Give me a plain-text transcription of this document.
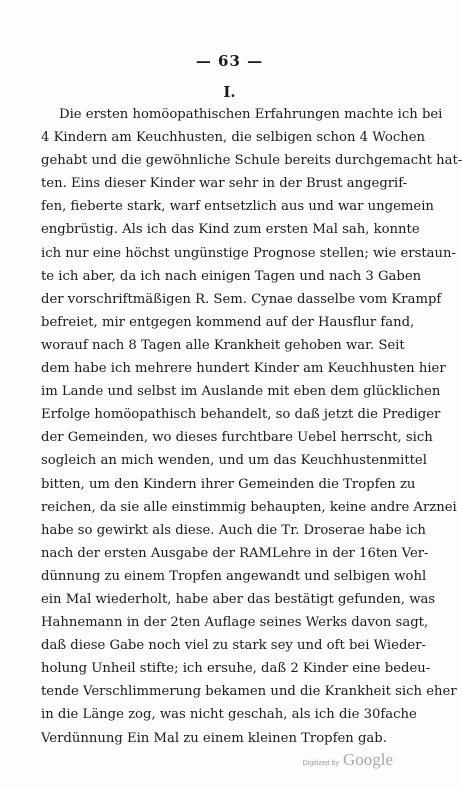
— 63 —
I.
Die ersten homöopathischen Erfahrungen machte ich bei
4 Kindern am Keuchhusten, die selbigen schon 4 Wochen
gehabt und die gewöhnliche Schule bereits durchgemacht hat-
ten. Eins dieser Kinder war sehr in der Brust angegrif-
fen, fieberte stark, warf entsetzlich aus und war ungemein
engbrüstig. Als ich das Kind zum ersten Mal sah, konnte
ich nur eine höchst ungünstige Prognose stellen; wie erstaun-
te ich aber, da ich nach einigen Tagen und nach 3 Gaben
der vorschriftmäßigen R. Sem. Cynae dasselbe vom Krampf
befreiet, mir entgegen kommend auf der Hausflur fand,
worauf nach 8 Tagen alle Krankheit gehoben war. Seit
dem habe ich mehrere hundert Kinder am Keuchhusten hier
im Lande und selbst im Auslande mit eben dem glücklichen
Erfolge homöopathisch behandelt, so daß jetzt die Prediger
der Gemeinden, wo dieses furchtbare Uebel herrscht, sich
sogleich an mich wenden, und um das Keuchhustenmittel
bitten, um den Kindern ihrer Gemeinden die Tropfen zu
reichen, da sie alle einstimmig behaupten, keine andre Arznei
habe so gewirkt als diese. Auch die Tr. Droserae habe ich
nach der ersten Ausgabe der RAMLehre in der 16ten Ver-
dünnung zu einem Tropfen angewandt und selbigen wohl
ein Mal wiederholt, habe aber das bestätigt gefunden, was
Hahnemann in der 2ten Auflage seines Werks davon sagt,
daß diese Gabe noch viel zu stark sey und oft bei Wieder-
holung Unheil stifte; ich ersuhe, daß 2 Kinder eine bedeu-
tende Verschlimmerung bekamen und die Krankheit sich eher
in die Länge zog, was nicht geschah, als ich die 30fache
Verdünnung Ein Mal zu einem kleinen Tropfen gab.
Digitized by Google
